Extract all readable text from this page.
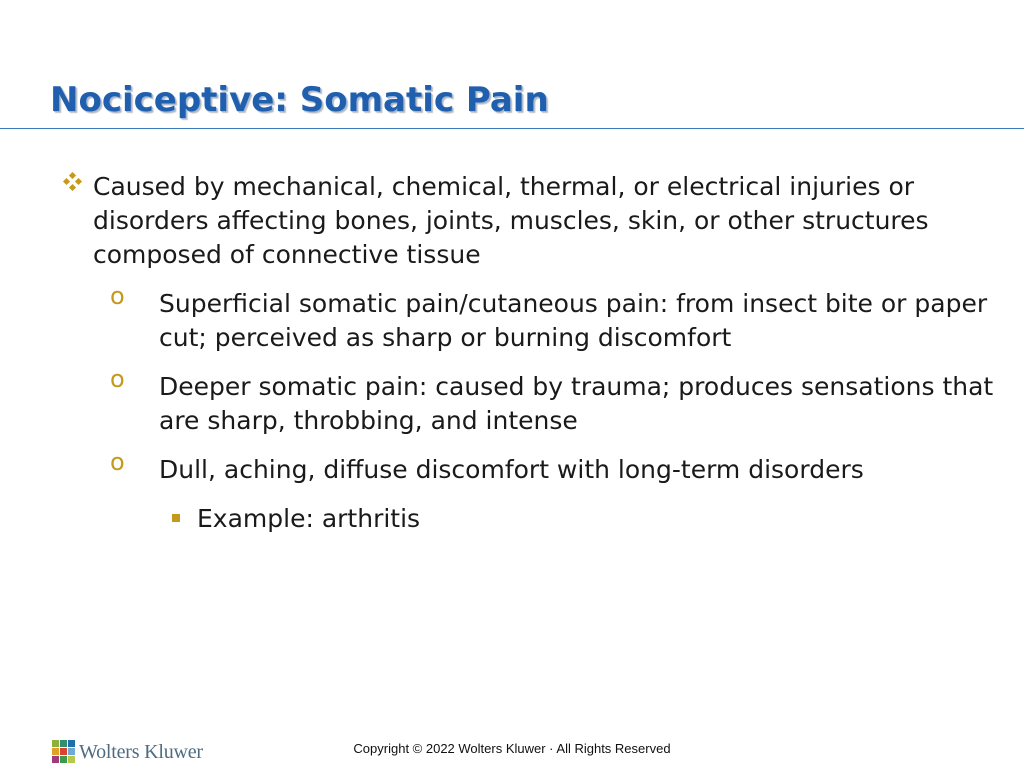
Nociceptive: Somatic Pain
Caused by mechanical, chemical, thermal, or electrical injuries or disorders affecting bones, joints, muscles, skin, or other structures composed of connective tissue
o Superficial somatic pain/cutaneous pain: from insect bite or paper cut; perceived as sharp or burning discomfort
o Deeper somatic pain: caused by trauma; produces sensations that are sharp, throbbing, and intense
o Dull, aching, diffuse discomfort with long-term disorders
Example: arthritis
Wolters Kluwer	Copyright © 2022 Wolters Kluwer · All Rights Reserved
